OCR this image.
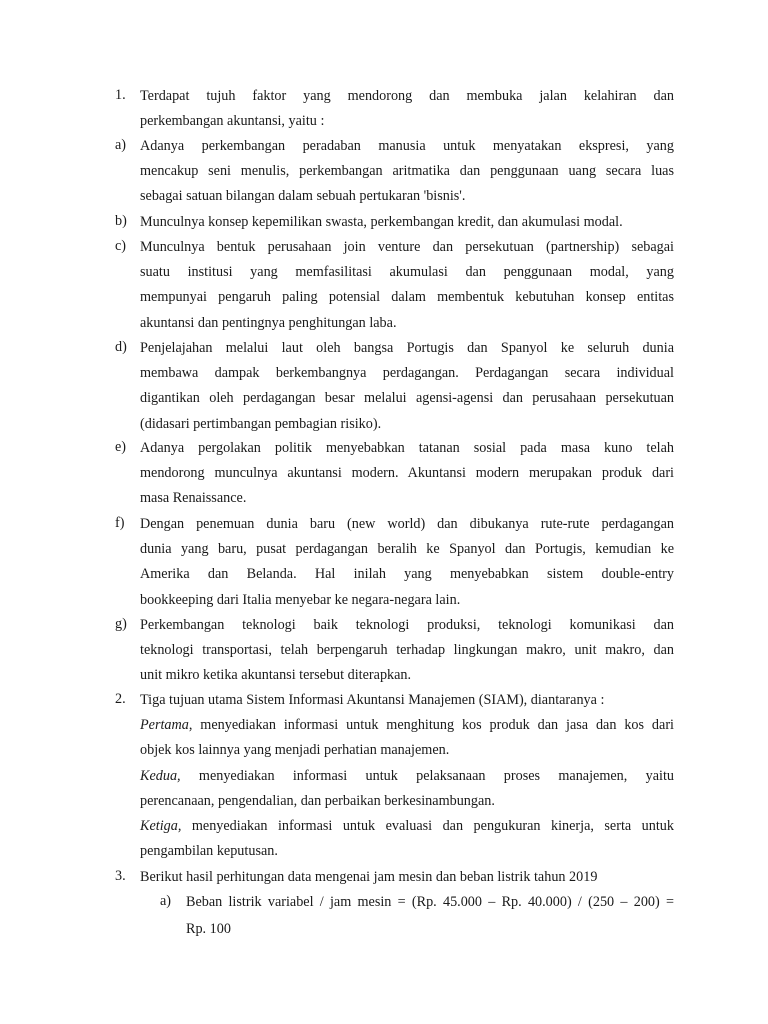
1. Terdapat tujuh faktor yang mendorong dan membuka jalan kelahiran dan
perkembangan akuntansi, yaitu :
a) Adanya perkembangan peradaban manusia untuk menyatakan ekspresi, yang
mencakup seni menulis, perkembangan aritmatika dan penggunaan uang secara luas
sebagai satuan bilangan dalam sebuah pertukaran 'bisnis'.
b) Munculnya konsep kepemilikan swasta, perkembangan kredit, dan akumulasi modal.
c) Munculnya bentuk perusahaan join venture dan persekutuan (partnership) sebagai
suatu institusi yang memfasilitasi akumulasi dan penggunaan modal, yang
mempunyai pengaruh paling potensial dalam membentuk kebutuhan konsep entitas
akuntansi dan pentingnya penghitungan laba.
d) Penjelajahan melalui laut oleh bangsa Portugis dan Spanyol ke seluruh dunia
membawa dampak berkembangnya perdagangan. Perdagangan secara individual
digantikan oleh perdagangan besar melalui agensi-agensi dan perusahaan persekutuan
(didasari pertimbangan pembagian risiko).
e) Adanya pergolakan politik menyebabkan tatanan sosial pada masa kuno telah
mendorong munculnya akuntansi modern. Akuntansi modern merupakan produk dari
masa Renaissance.
f) Dengan penemuan dunia baru (new world) dan dibukanya rute-rute perdagangan
dunia yang baru, pusat perdagangan beralih ke Spanyol dan Portugis, kemudian ke
Amerika dan Belanda. Hal inilah yang menyebabkan sistem double-entry
bookkeeping dari Italia menyebar ke negara-negara lain.
g) Perkembangan teknologi baik teknologi produksi, teknologi komunikasi dan
teknologi transportasi, telah berpengaruh terhadap lingkungan makro, unit makro, dan
unit mikro ketika akuntansi tersebut diterapkan.
2. Tiga tujuan utama Sistem Informasi Akuntansi Manajemen (SIAM), diantaranya :
Pertama, menyediakan informasi untuk menghitung kos produk dan jasa dan kos dari
objek kos lainnya yang menjadi perhatian manajemen.
Kedua, menyediakan informasi untuk pelaksanaan proses manajemen, yaitu
perencanaan, pengendalian, dan perbaikan berkesinambungan.
Ketiga, menyediakan informasi untuk evaluasi dan pengukuran kinerja, serta untuk
pengambilan keputusan.
3. Berikut hasil perhitungan data mengenai jam mesin dan beban listrik tahun 2019
a) Beban listrik variabel / jam mesin = (Rp. 45.000 – Rp. 40.000) / (250 – 200) =
Rp. 100
